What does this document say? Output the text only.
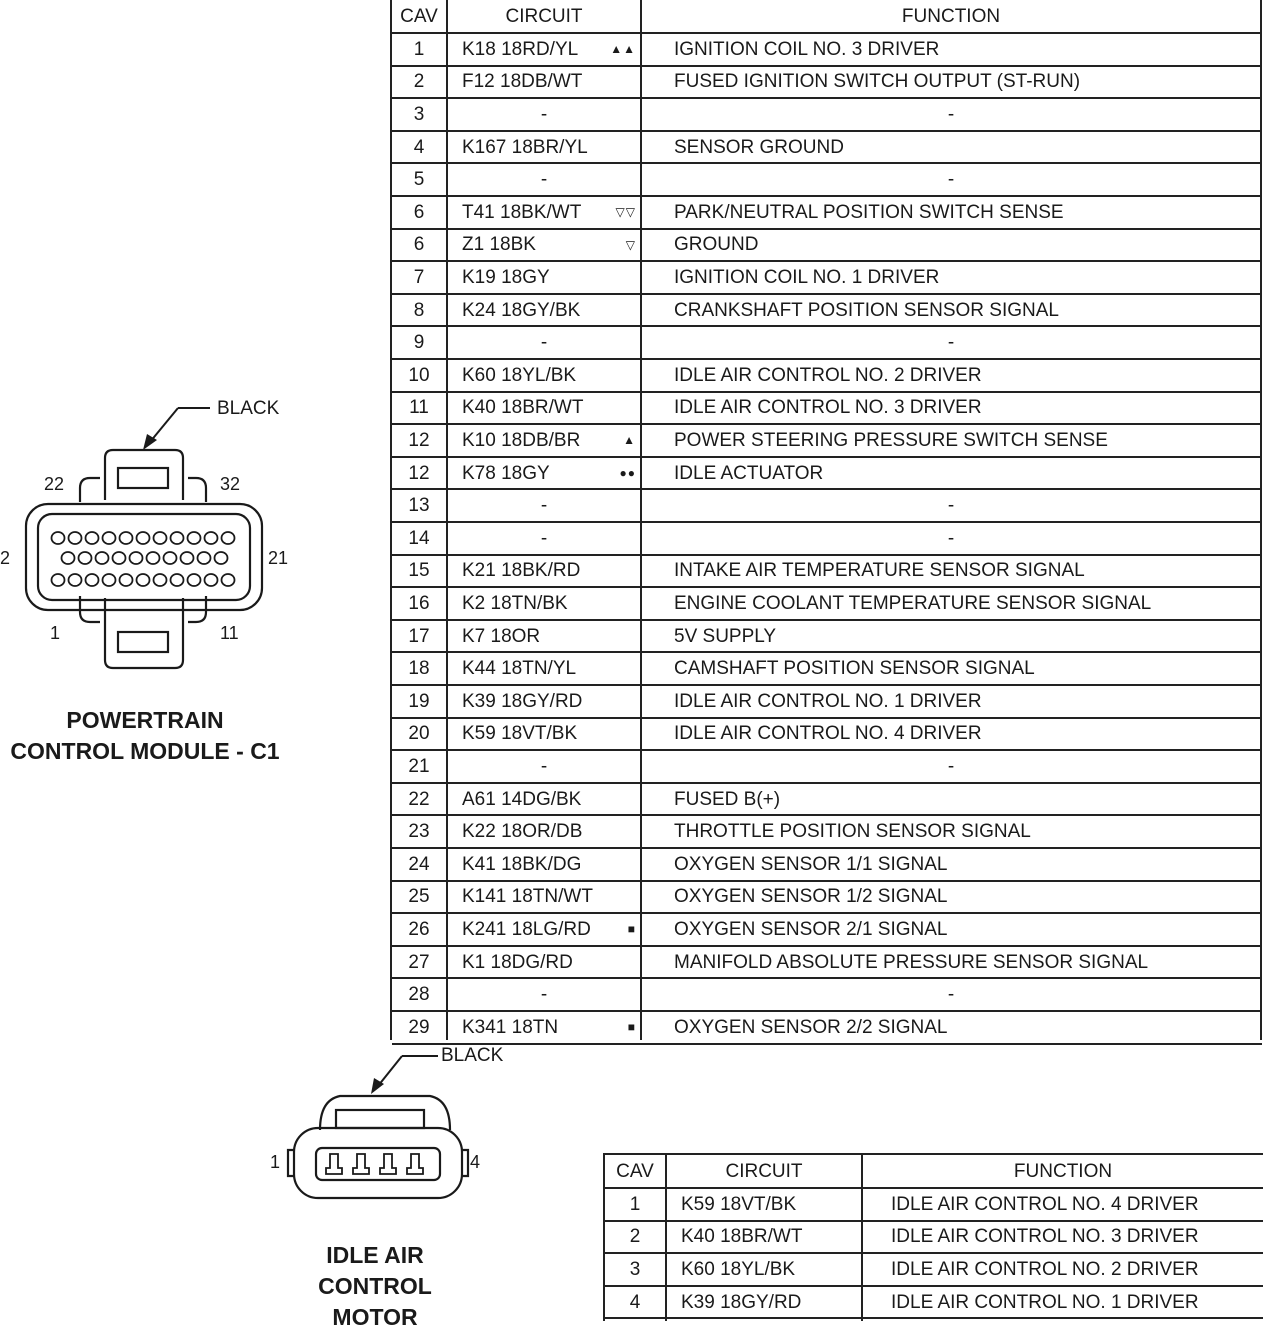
22	32
2	21
1	11
BLACK
POWERTRAIN
CONTROL MODULE - C1
CAV	CIRCUIT	FUNCTION
1	K18 18RD/YL	▲▲ IGNITION COIL NO. 3 DRIVER
2	F12 18DB/WT	FUSED IGNITION SWITCH OUTPUT (ST-RUN)
3	-	-
4	K167 18BR/YL	SENSOR GROUND
5	-	-
6	T41 18BK/WT	▽▽ PARK/NEUTRAL POSITION SWITCH SENSE
6	Z1 18BK	▽ GROUND
7	K19 18GY	IGNITION COIL NO. 1 DRIVER
8	K24 18GY/BK	CRANKSHAFT POSITION SENSOR SIGNAL
9	-	-
10	K60 18YL/BK	IDLE AIR CONTROL NO. 2 DRIVER
11	K40 18BR/WT	IDLE AIR CONTROL NO. 3 DRIVER
12	K10 18DB/BR	▲ POWER STEERING PRESSURE SWITCH SENSE
12	K78 18GY	●● IDLE ACTUATOR
13	-	-
14	-	-
15	K21 18BK/RD	INTAKE AIR TEMPERATURE SENSOR SIGNAL
16	K2 18TN/BK	ENGINE COOLANT TEMPERATURE SENSOR SIGNAL
17	K7 18OR	5V SUPPLY
18	K44 18TN/YL	CAMSHAFT POSITION SENSOR SIGNAL
19	K39 18GY/RD	IDLE AIR CONTROL NO. 1 DRIVER
20	K59 18VT/BK	IDLE AIR CONTROL NO. 4 DRIVER
21	-	-
22	A61 14DG/BK	FUSED B(+)
23	K22 18OR/DB	THROTTLE POSITION SENSOR SIGNAL
24	K41 18BK/DG	OXYGEN SENSOR 1/1 SIGNAL
25	K141 18TN/WT	OXYGEN SENSOR 1/2 SIGNAL
26	K241 18LG/RD	■ OXYGEN SENSOR 2/1 SIGNAL
27	K1 18DG/RD	MANIFOLD ABSOLUTE PRESSURE SENSOR SIGNAL
28	-	-
29	K341 18TN	■ OXYGEN SENSOR 2/2 SIGNAL
1	4
BLACK
IDLE AIR
CONTROL
MOTOR
CAV	CIRCUIT	FUNCTION
1	K59 18VT/BK	IDLE AIR CONTROL NO. 4 DRIVER
2	K40 18BR/WT	IDLE AIR CONTROL NO. 3 DRIVER
3	K60 18YL/BK	IDLE AIR CONTROL NO. 2 DRIVER
4	K39 18GY/RD	IDLE AIR CONTROL NO. 1 DRIVER
